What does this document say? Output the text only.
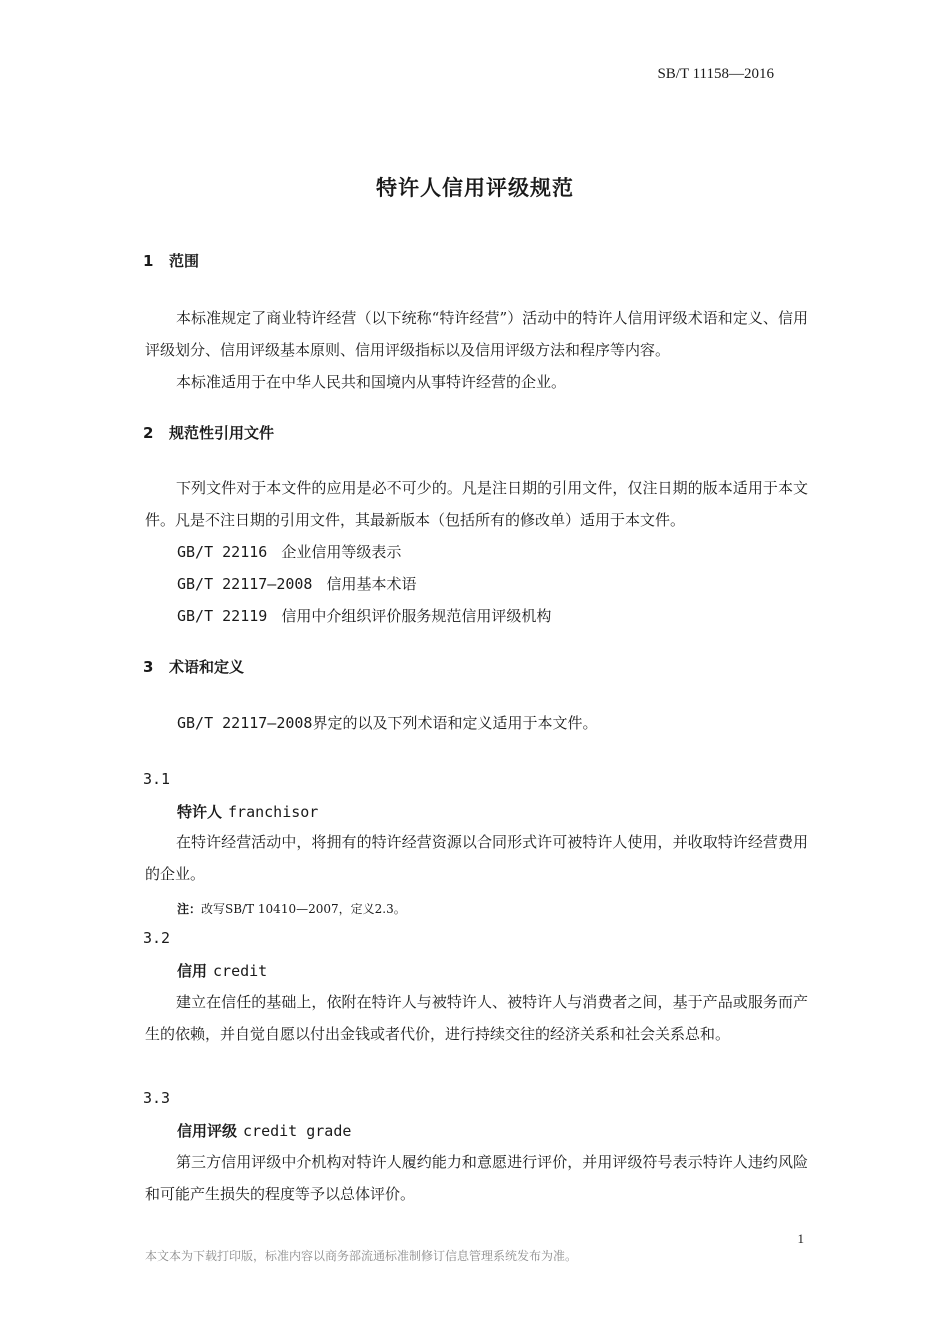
SB/T 11158—2016
特许人信用评级规范
1 范围
本标准规定了商业特许经营（以下统称“特许经营”）活动中的特许人信用评级术语和定义、信用评级划分、信用评级基本原则、信用评级指标以及信用评级方法和程序等内容。
本标准适用于在中华人民共和国境内从事特许经营的企业。
2 规范性引用文件
下列文件对于本文件的应用是必不可少的。凡是注日期的引用文件，仅注日期的版本适用于本文件。凡是不注日期的引用文件，其最新版本（包括所有的修改单）适用于本文件。
GB/T 22116 企业信用等级表示
GB/T 22117—2008 信用基本术语
GB/T 22119 信用中介组织评价服务规范信用评级机构
3 术语和定义
GB/T 22117—2008界定的以及下列术语和定义适用于本文件。
3.1
特许人 franchisor
在特许经营活动中，将拥有的特许经营资源以合同形式许可被特许人使用，并收取特许经营费用的企业。
注：改写SB/T 10410—2007，定义2.3。
3.2
信用 credit
建立在信任的基础上，依附在特许人与被特许人、被特许人与消费者之间，基于产品或服务而产生的依赖，并自觉自愿以付出金钱或者代价，进行持续交往的经济关系和社会关系总和。
3.3
信用评级 credit grade
第三方信用评级中介机构对特许人履约能力和意愿进行评价，并用评级符号表示特许人违约风险和可能产生损失的程度等予以总体评价。
1
本文本为下载打印版，标准内容以商务部流通标准制修订信息管理系统发布为准。
